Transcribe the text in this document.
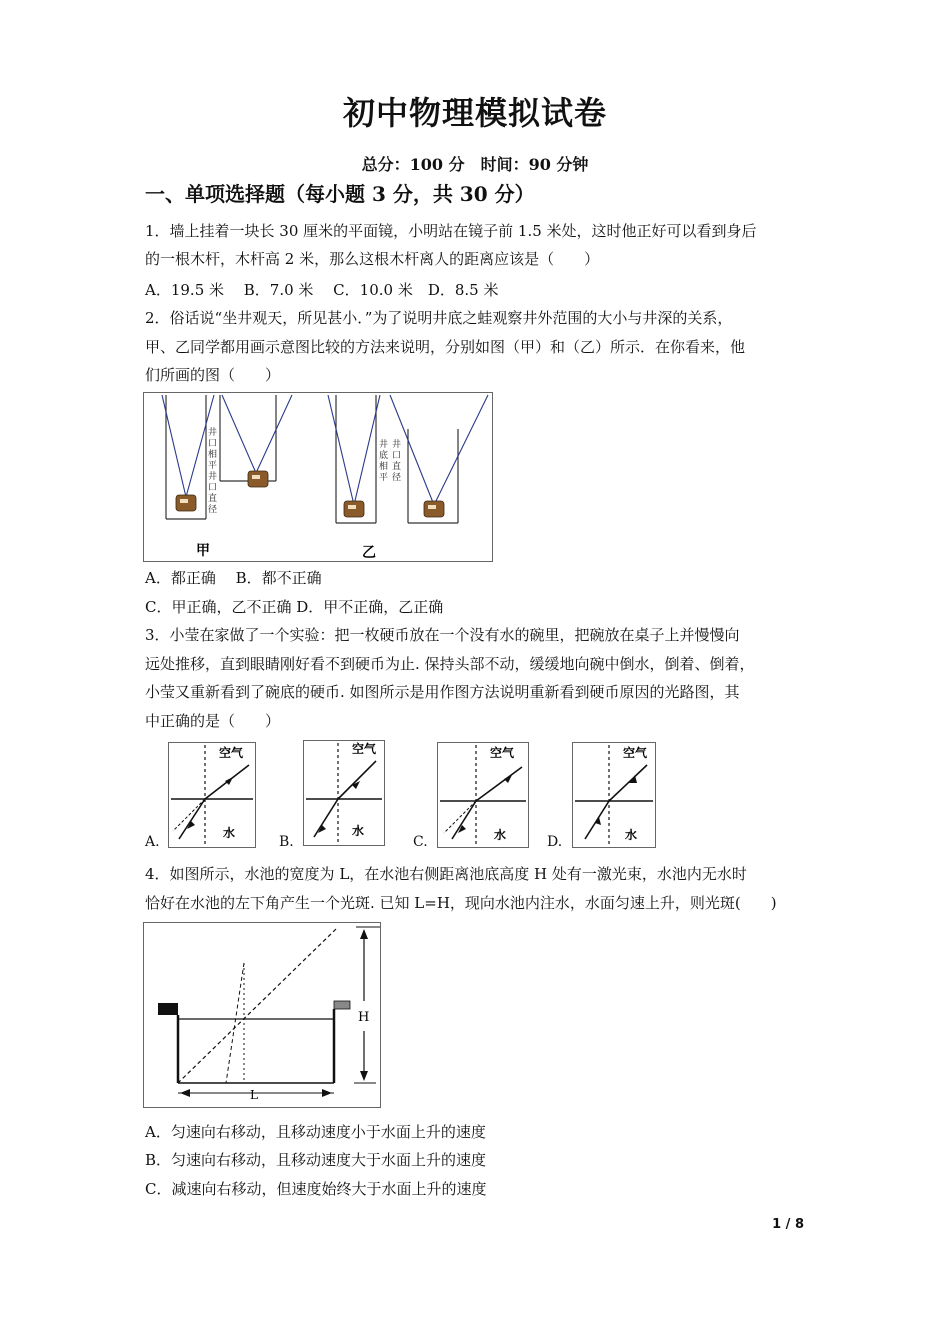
初中物理模拟试卷
总分：100 分　时间：90 分钟
一、单项选择题（每小题 3 分，共 30 分）
1．墙上挂着一块长 30 厘米的平面镜，小明站在镜子前 1.5 米处，这时他正好可以看到身后
的一根木杆，木杆高 2 米，那么这根木杆离人的距离应该是（　　）
A．19.5 米　 B．7.0 米　 C．10.0 米　D．8.5 米
2．俗话说“坐井观天，所见甚小．”为了说明井底之蛙观察井外范围的大小与井深的关系，
甲、乙同学都用画示意图比较的方法来说明，分别如图（甲）和（乙）所示．在你看来，他
们所画的图（　　）
井口相平
井口直径
井底相平
井口直径
甲	乙
A．都正确　 B．都不正确
C．甲正确，乙不正确 D．甲不正确，乙正确
3．小莹在家做了一个实验：把一枚硬币放在一个没有水的碗里，把碗放在桌子上并慢慢向
远处推移，直到眼睛刚好看不到硬币为止. 保持头部不动，缓缓地向碗中倒水，倒着、倒着，
小莹又重新看到了碗底的硬币. 如图所示是用作图方法说明重新看到硬币原因的光路图，其
中正确的是（　　）
A.
空气
水
B.
空气
水
C.
空气
水	D.
空气
水
4．如图所示，水池的宽度为 L，在水池右侧距离池底高度 H 处有一激光束，水池内无水时
恰好在水池的左下角产生一个光斑. 已知 L=H，现向水池内注水，水面匀速上升，则光斑(　　)
H
L
A．匀速向右移动，且移动速度小于水面上升的速度
B．匀速向右移动，且移动速度大于水面上升的速度
C．减速向右移动，但速度始终大于水面上升的速度
1 / 8
